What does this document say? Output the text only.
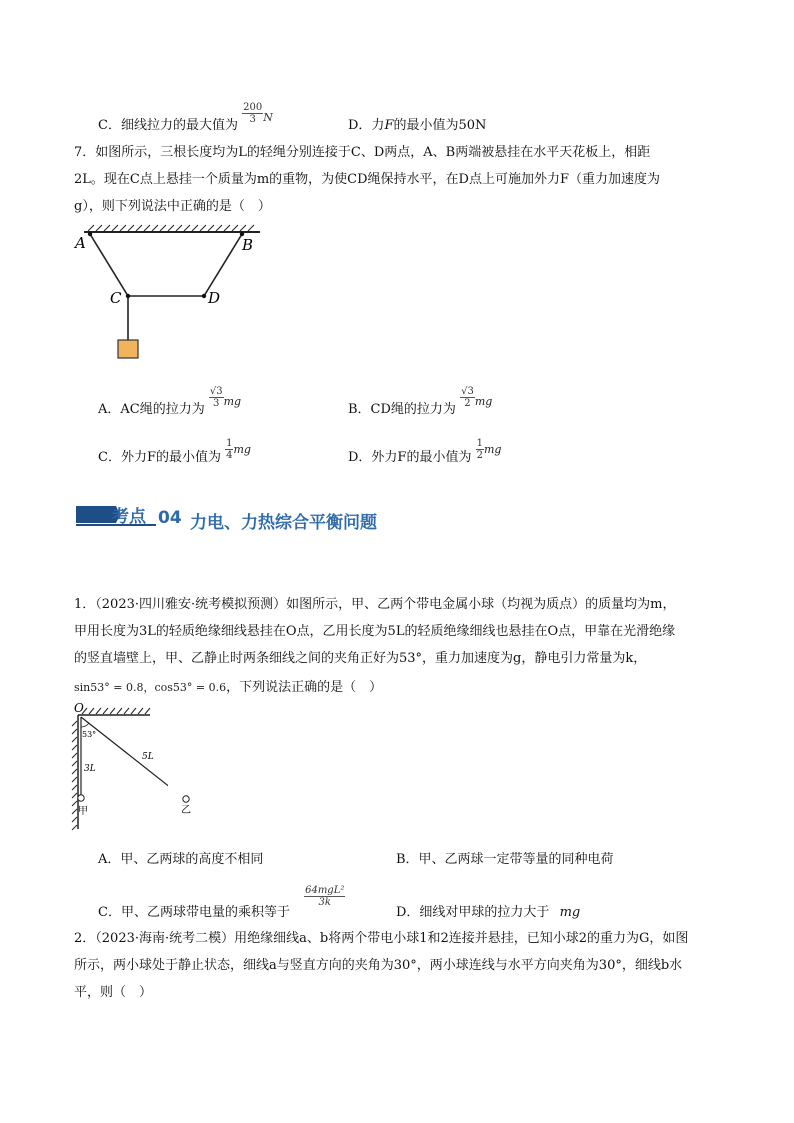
C．细线拉力的最大值为
$\frac{200}{3} ^N$
D．力F的最小值为50N
7．如图所示，三根长度均为L的轻绳分别连接于C、D两点，A、B两端被悬挂在水平天花板上，相距
2L。现在C点上悬挂一个质量为m的重物，为使CD绳保持水平，在D点上可施加外力F（重力加速度为
g），则下列说法中正确的是（　）
A	B
C	D
A．AC绳的拉力为
$\frac{√3}{3} ^{mg}$
B．CD绳的拉力为
$\frac{√3}{2} ^{mg}$
C．外力F的最小值为 $\frac{1}{4} ^{mg}$
D．外力F的最小值为 $\frac{1}{2} ^{mg}$
考点 04 力电、力热综合平衡问题
1．（2023·四川雅安·统考模拟预测）如图所示，甲、乙两个带电金属小球（均视为质点）的质量均为m，
甲用长度为3L的轻质绝缘细线悬挂在O点，乙用长度为5L的轻质绝缘细线也悬挂在O点，甲靠在光滑绝缘
的竖直墙壁上，甲、乙静止时两条细线之间的夹角正好为53°，重力加速度为g，静电引力常量为k，
sin53° = 0.8，cos53° = 0.6，下列说法正确的是（　）
O
53°
3L
5L
甲	乙
A．甲、乙两球的高度不相同	B．甲、乙两球一定带等量的同种电荷
C．甲、乙两球带电量的乘积等于
$\frac{\text{64mgL²}}{3k}$
D．细线对甲球的拉力大于 mg
2．（2023·海南·统考二模）用绝缘细线a、b将两个带电小球1和2连接并悬挂，已知小球2的重力为G，如图
所示，两小球处于静止状态，细线a与竖直方向的夹角为30°，两小球连线与水平方向夹角为30°，细线b水
平，则（　）
